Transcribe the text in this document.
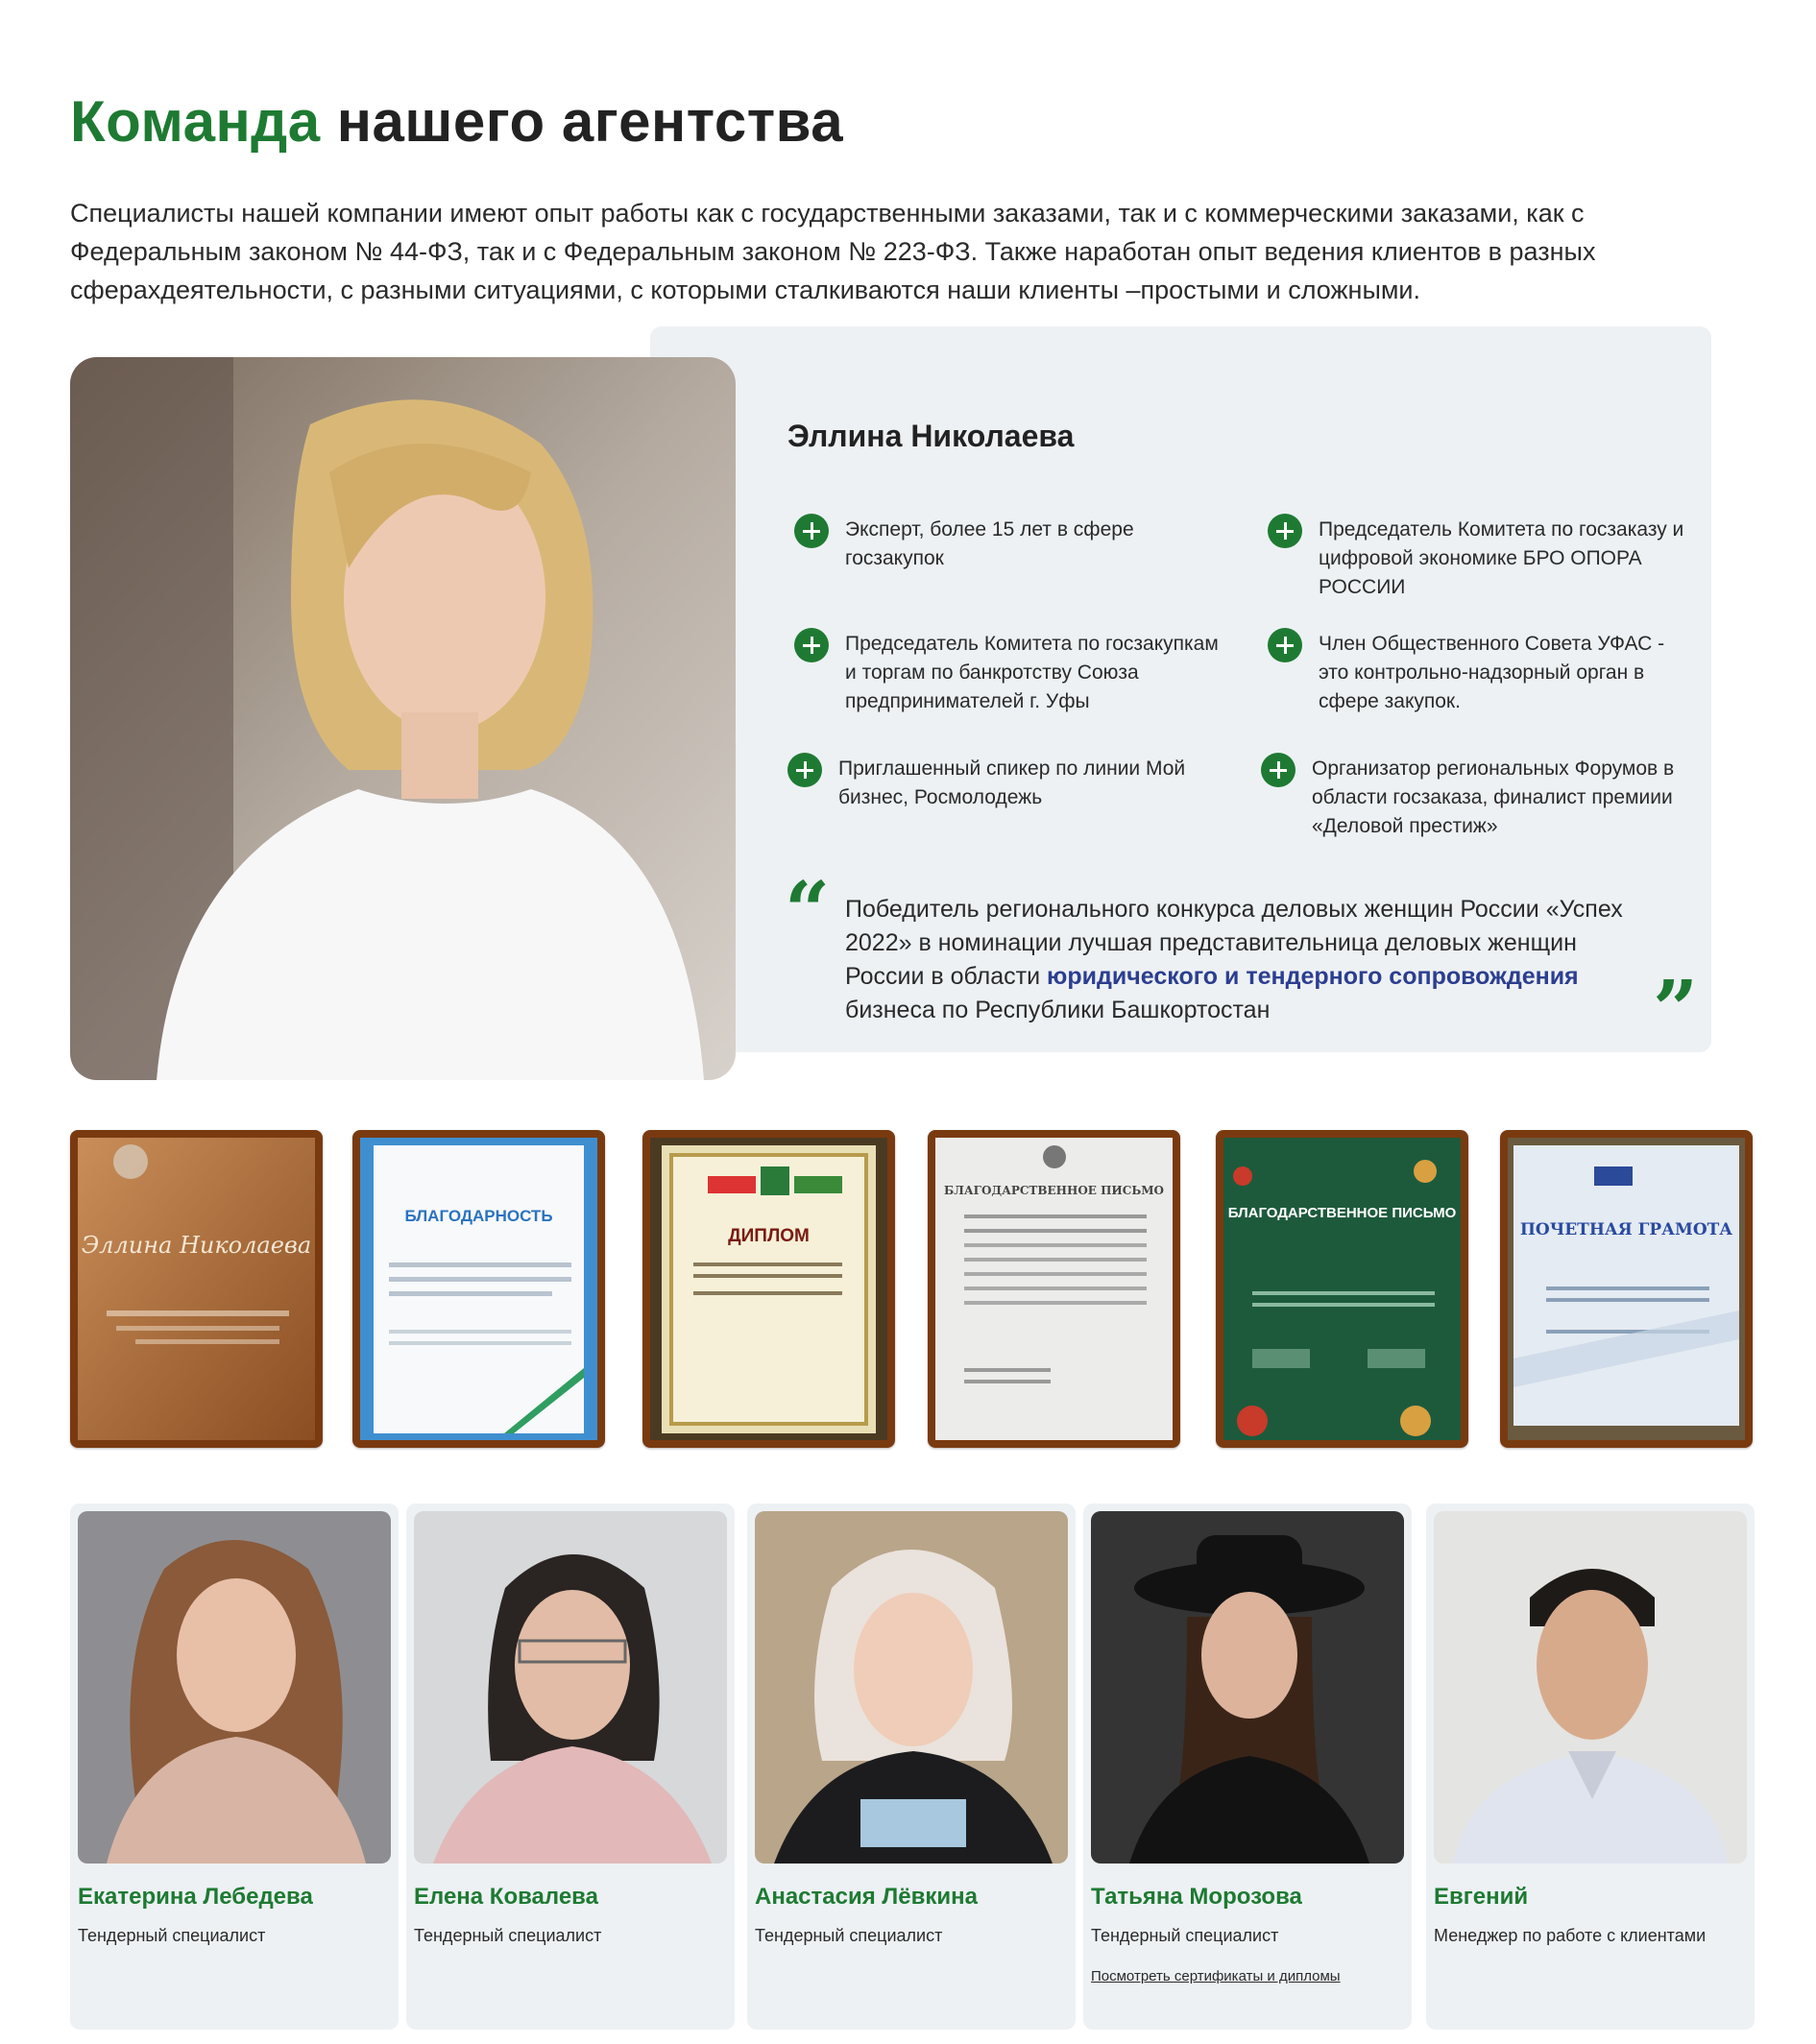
Команда нашего агентства

Специалисты нашей компании имеют опыт работы как с государственными заказами, так и с коммерческими заказами, как с Федеральным законом № 44-ФЗ, так и с Федеральным законом № 223-ФЗ. Также наработан опыт ведения клиентов в разных сферахдеятельности, с разными ситуациями, с которыми сталкиваются наши клиенты –простыми и сложными.

Эллина Николаева
Эксперт, более 15 лет в сфере госзакупок
Председатель Комитета по госзаказу и цифровой экономике БРО ОПОРА РОССИИ
Председатель Комитета по госзакупкам и торгам по банкротству Союза предпринимателей г. Уфы
Член Общественного Совета УФАС - это контрольно-надзорный орган в сфере закупок.
Приглашенный спикер по линии Мой бизнес, Росмолодежь
Организатор региональных Форумов в области госзаказа, финалист премиии «Деловой престиж»
“ Победитель регионального конкурса деловых женщин России «Успех 2022» в номинации лучшая представительница деловых женщин России в области юридического и тендерного сопровождения бизнеса по Республики Башкортостан	”
Эллина Николаева
БЛАГОДАРНОСТЬ
ДИПЛОМ
БЛАГОДАРСТВЕННОЕ ПИСЬМО
БЛАГОДАРСТВЕННОЕ ПИСЬМО
ПОЧЕТНАЯ ГРАМОТА
Екатерина Лебедева
Тендерный специалист
Елена Ковалева
Тендерный специалист
Анастасия Лёвкина
Тендерный специалист
Татьяна Морозова
Тендерный специалист
Посмотреть сертификаты и дипломы
Евгений
Менеджер по работе с клиентами
